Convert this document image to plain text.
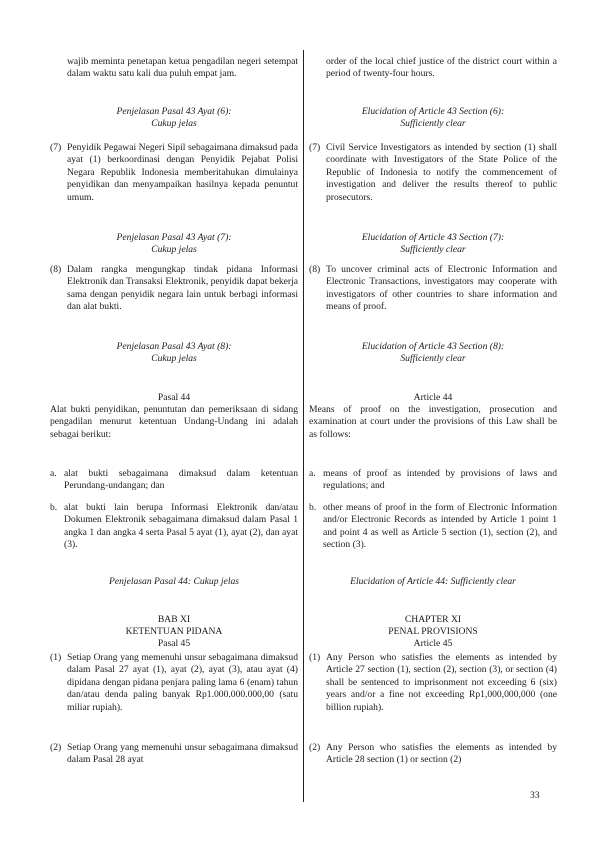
wajib meminta penetapan ketua pengadilan negeri setempat dalam waktu satu kali dua puluh empat jam.

Penjelasan Pasal 43 Ayat (6):

Cukup jelas

(7) Penyidik Pegawai Negeri Sipil sebagaimana dimaksud pada ayat (1) berkoordinasi dengan Penyidik Pejabat Polisi Negara Republik Indonesia memberitahukan dimulainya penyidikan dan menyampaikan hasilnya kepada penuntut umum.

Penjelasan Pasal 43 Ayat (7):

Cukup jelas

(8) Dalam rangka mengungkap tindak pidana Informasi Elektronik dan Transaksi Elektronik, penyidik dapat bekerja sama dengan penyidik negara lain untuk berbagi informasi dan alat bukti.

Penjelasan Pasal 43 Ayat (8):

Cukup jelas

Pasal 44

Alat bukti penyidikan, penuntutan dan pemeriksaan di sidang pengadilan menurut ketentuan Undang-Undang ini adalah sebagai berikut:

a. alat bukti sebagaimana dimaksud dalam ketentuan Perundang-undangan; dan
b. alat bukti lain berupa Informasi Elektronik dan/atau Dokumen Elektronik sebagaimana dimaksud dalam Pasal 1 angka 1 dan angka 4 serta Pasal 5 ayat (1), ayat (2), dan ayat (3).

Penjelasan Pasal 44: Cukup jelas

BAB XI

KETENTUAN PIDANA

Pasal 45

(1) Setiap Orang yang memenuhi unsur sebagaimana dimaksud dalam Pasal 27 ayat (1), ayat (2), ayat (3), atau ayat (4) dipidana dengan pidana penjara paling lama 6 (enam) tahun dan/atau denda paling banyak Rp1.000.000.000,00 (satu miliar rupiah).
(2) Setiap Orang yang memenuhi unsur sebagaimana dimaksud dalam Pasal 28 ayat

order of the local chief justice of the district court within a period of twenty-four hours.

Elucidation of Article 43 Section (6):

Sufficiently clear

(7) Civil Service Investigators as intended by section (1) shall coordinate with Investigators of the State Police of the Republic of Indonesia to notify the commencement of investigation and deliver the results thereof to public prosecutors.

Elucidation of Article 43 Section (7):

Sufficiently clear

(8) To uncover criminal acts of Electronic Information and Electronic Transactions, investigators may cooperate with investigators of other countries to share information and means of proof.

Elucidation of Article 43 Section (8):

Sufficiently clear

Article 44

Means of proof on the investigation, prosecution and examination at court under the provisions of this Law shall be as follows:

a. means of proof as intended by provisions of laws and regulations; and
b. other means of proof in the form of Electronic Information and/or Electronic Records as intended by Article 1 point 1 and point 4 as well as Article 5 section (1), section (2), and section (3).

Elucidation of Article 44: Sufficiently clear

CHAPTER XI

PENAL PROVISIONS

Article 45

(1) Any Person who satisfies the elements as intended by Article 27 section (1), section (2), section (3), or section (4) shall be sentenced to imprisonment not exceeding 6 (six) years and/or a fine not exceeding Rp1,000,000,000 (one billion rupiah).
(2) Any Person who satisfies the elements as intended by Article 28 section (1) or section (2)
33
